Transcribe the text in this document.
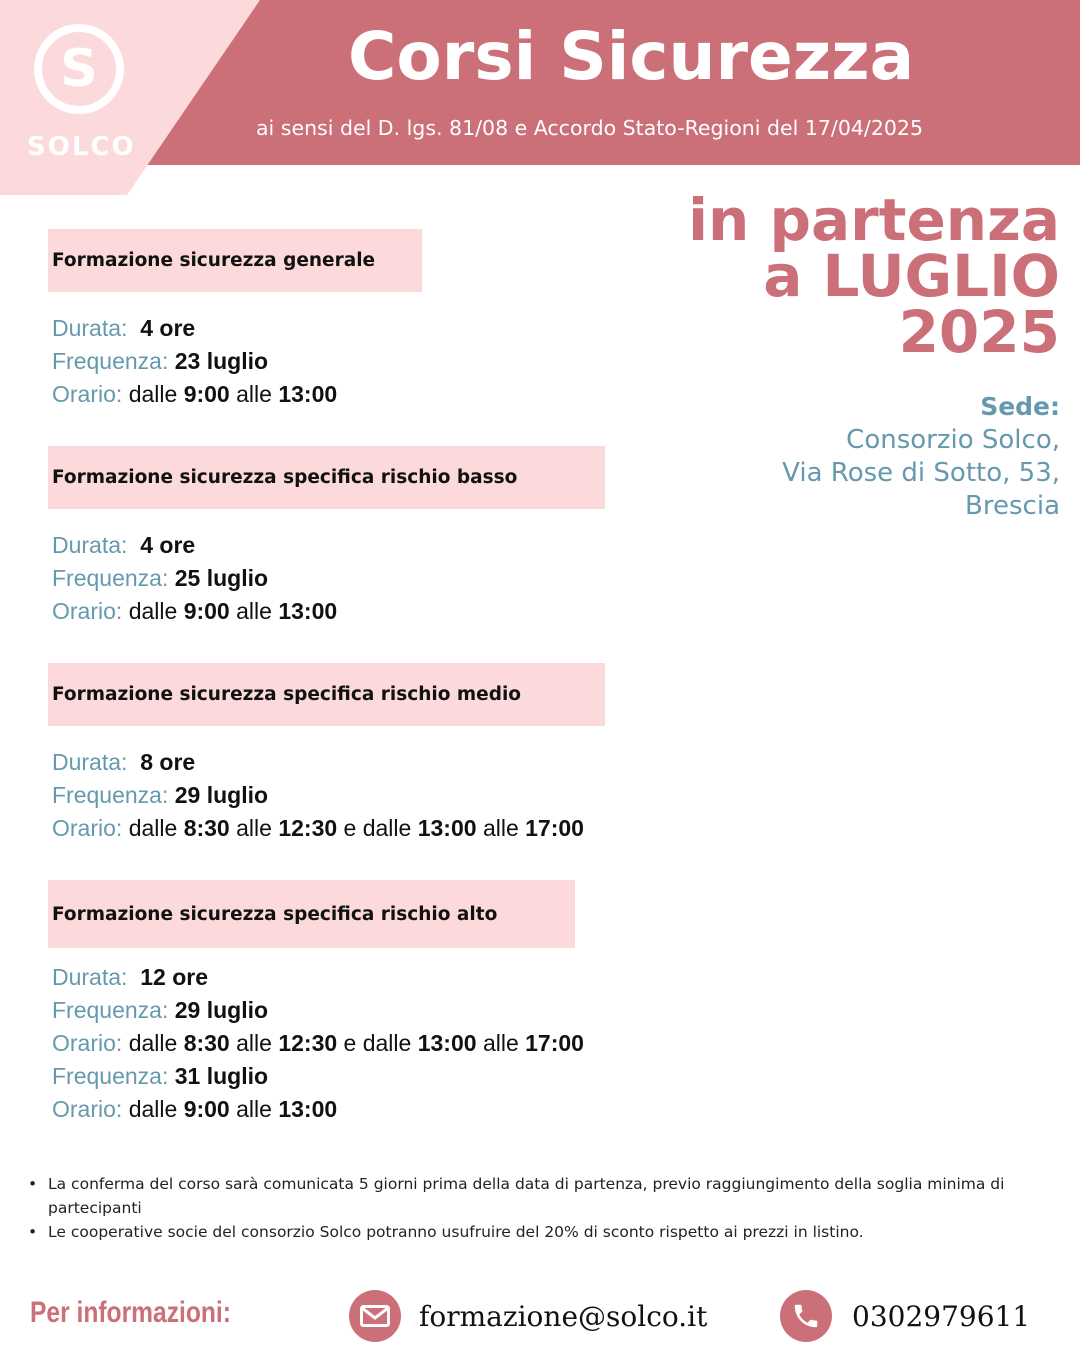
S
SOLCO
Corsi Sicurezza
ai sensi del D. lgs. 81/08 e Accordo Stato-Regioni del 17/04/2025
in partenza
a LUGLIO
2025
Sede:
Consorzio Solco,
Via Rose di Sotto, 53,
Brescia
Formazione sicurezza generale
Durata: 4 ore
Frequenza: 23 luglio
Orario: dalle 9:00 alle 13:00
Formazione sicurezza specifica rischio basso
Durata: 4 ore
Frequenza: 25 luglio
Orario: dalle 9:00 alle 13:00
Formazione sicurezza specifica rischio medio
Durata: 8 ore
Frequenza: 29 luglio
Orario: dalle 8:30 alle 12:30 e dalle 13:00 alle 17:00
Formazione sicurezza specifica rischio alto
Durata: 12 ore
Frequenza: 29 luglio
Orario: dalle 8:30 alle 12:30 e dalle 13:00 alle 17:00
Frequenza: 31 luglio
Orario: dalle 9:00 alle 13:00
• La conferma del corso sarà comunicata 5 giorni prima della data di partenza, previo raggiungimento della soglia minima di partecipanti
• Le cooperative socie del consorzio Solco potranno usufruire del 20% di sconto rispetto ai prezzi in listino.
Per informazioni:	formazione@solco.it	0302979611
